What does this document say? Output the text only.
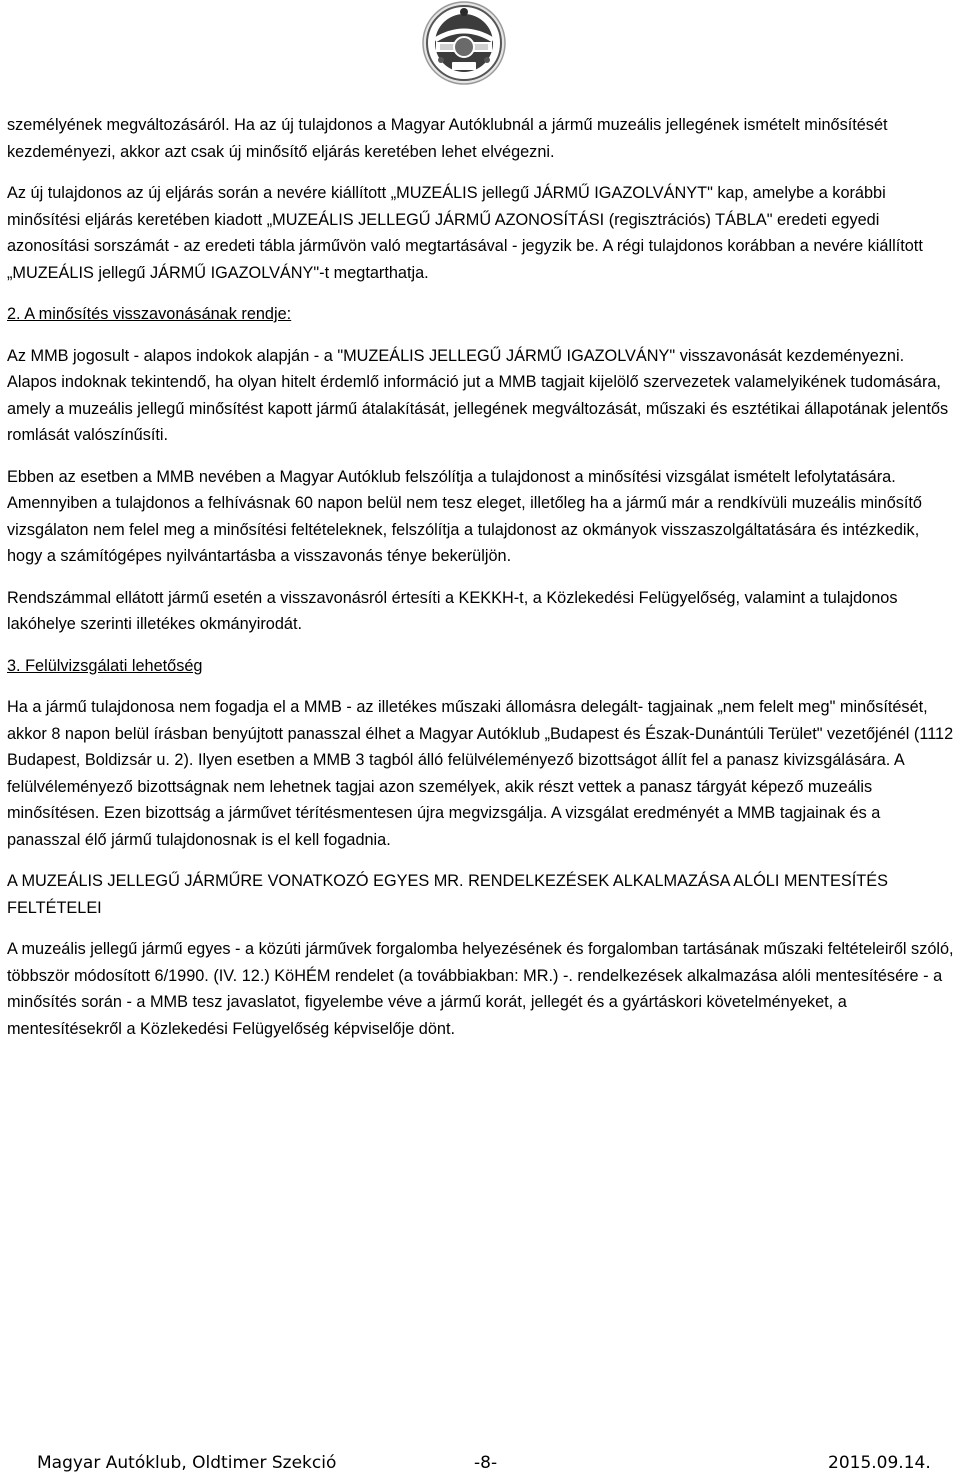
személyének megváltozásáról. Ha az új tulajdonos a Magyar Autóklubnál a jármű muzeális jellegének ismételt minősítését kezdeményezi, akkor azt csak új minősítő eljárás keretében lehet elvégezni.

Az új tulajdonos az új eljárás során a nevére kiállított „MUZEÁLIS jellegű JÁRMŰ IGAZOLVÁNYT" kap, amelybe a korábbi minősítési eljárás keretében kiadott „MUZEÁLIS JELLEGŰ JÁRMŰ AZONOSÍTÁSI (regisztrációs) TÁBLA" eredeti egyedi azonosítási sorszámát - az eredeti tábla járművön való megtartásával - jegyzik be. A régi tulajdonos korábban a nevére kiállított „MUZEÁLIS jellegű JÁRMŰ IGAZOLVÁNY"-t megtarthatja.

2. A minősítés visszavonásának rendje:

Az MMB jogosult - alapos indokok alapján - a "MUZEÁLIS JELLEGŰ JÁRMŰ IGAZOLVÁNY" visszavonását kezdeményezni. Alapos indoknak tekintendő, ha olyan hitelt érdemlő információ jut a MMB tagjait kijelölő szervezetek valamelyikének tudomására, amely a muzeális jellegű minősítést kapott jármű átalakítását, jellegének megváltozását, műszaki és esztétikai állapotának jelentős romlását valószínűsíti.

Ebben az esetben a MMB nevében a Magyar Autóklub felszólítja a tulajdonost a minősítési vizsgálat ismételt lefolytatására. Amennyiben a tulajdonos a felhívásnak 60 napon belül nem tesz eleget, illetőleg ha a jármű már a rendkívüli muzeális minősítő vizsgálaton nem felel meg a minősítési feltételeknek, felszólítja a tulajdonost az okmányok visszaszolgáltatására és intézkedik, hogy a számítógépes nyilvántartásba a visszavonás ténye bekerüljön.

Rendszámmal ellátott jármű esetén a visszavonásról értesíti a KEKKH-t, a Közlekedési Felügyelőség, valamint a tulajdonos lakóhelye szerinti illetékes okmányirodát.

3. Felülvizsgálati lehetőség

Ha a jármű tulajdonosa nem fogadja el a MMB - az illetékes műszaki állomásra delegált- tagjainak „nem felelt meg" minősítését, akkor 8 napon belül írásban benyújtott panasszal élhet a Magyar Autóklub „Budapest és Észak-Dunántúli Terület" vezetőjénél (1112 Budapest, Boldizsár u. 2). Ilyen esetben a MMB 3 tagból álló felülvéleményező bizottságot állít fel a panasz kivizsgálására. A felülvéleményező bizottságnak nem lehetnek tagjai azon személyek, akik részt vettek a panasz tárgyát képező muzeális minősítésen. Ezen bizottság a járművet térítésmentesen újra megvizsgálja. A vizsgálat eredményét a MMB tagjainak és a panasszal élő jármű tulajdonosnak is el kell fogadnia.

A MUZEÁLIS JELLEGŰ JÁRMŰRE VONATKOZÓ EGYES MR. RENDELKEZÉSEK ALKALMAZÁSA ALÓLI MENTESÍTÉS FELTÉTELEI

A muzeális jellegű jármű egyes - a közúti járművek forgalomba helyezésének és forgalomban tartásának műszaki feltételeiről szóló, többször módosított 6/1990. (IV. 12.) KöHÉM rendelet (a továbbiakban: MR.) -. rendelkezések alkalmazása alóli mentesítésére - a minősítés során - a MMB tesz javaslatot, figyelembe véve a jármű korát, jellegét és a gyártáskori követelményeket, a mentesítésekről a Közlekedési Felügyelőség képviselője dönt.

Magyar Autóklub, Oldtimer Szekció	-8-	2015.09.14.
